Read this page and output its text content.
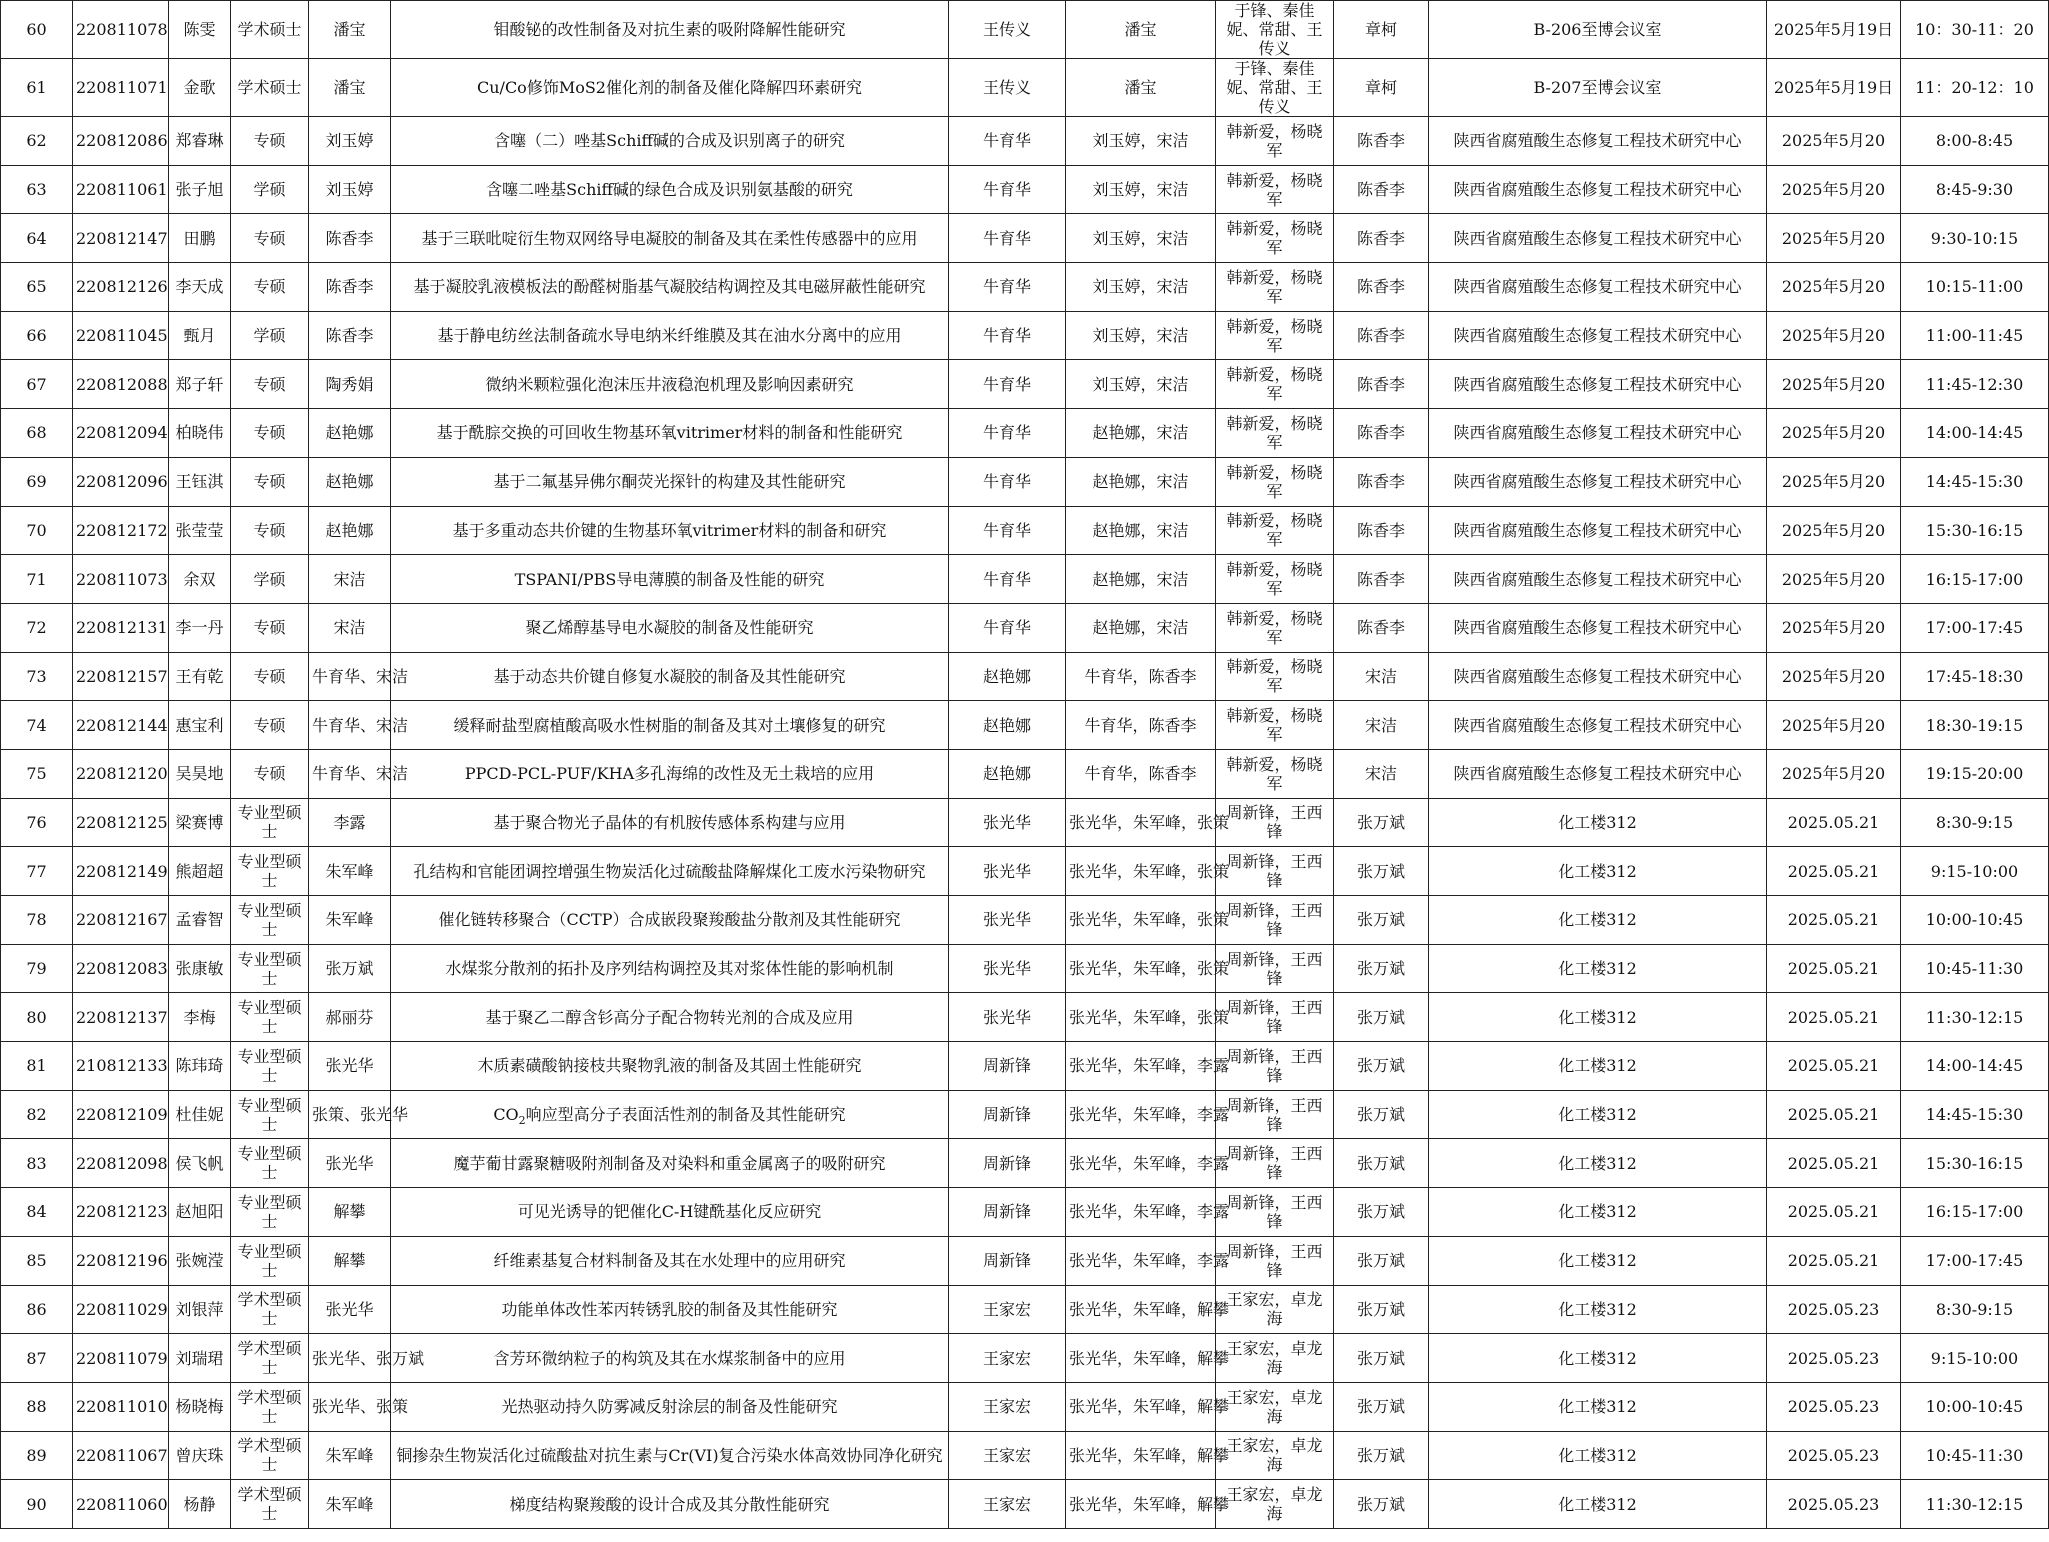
60	220811078	陈雯	学术硕士	潘宝	钼酸铋的改性制备及对抗生素的吸附降解性能研究	王传义	潘宝	于锋、秦佳妮、常甜、王传义	章柯	B-206至博会议室	2025年5月19日	10：30-11：20
61	220811071	金歌	学术硕士	潘宝	Cu/Co修饰MoS2催化剂的制备及催化降解四环素研究	王传义	潘宝	于锋、秦佳妮、常甜、王传义	章柯	B-207至博会议室	2025年5月19日	11：20-12：10
62	220812086	郑睿琳	专硕	刘玉婷	含噻（二）唑基Schiff碱的合成及识别离子的研究	牛育华	刘玉婷，宋洁	韩新爱，杨晓军	陈香李	陕西省腐殖酸生态修复工程技术研究中心	2025年5月20	8:00-8:45
63	220811061	张子旭	学硕	刘玉婷	含噻二唑基Schiff碱的绿色合成及识别氨基酸的研究	牛育华	刘玉婷，宋洁	韩新爱，杨晓军	陈香李	陕西省腐殖酸生态修复工程技术研究中心	2025年5月20	8:45-9:30
64	220812147	田鹏	专硕	陈香李	基于三联吡啶衍生物双网络导电凝胶的制备及其在柔性传感器中的应用	牛育华	刘玉婷，宋洁	韩新爱，杨晓军	陈香李	陕西省腐殖酸生态修复工程技术研究中心	2025年5月20	9:30-10:15
65	220812126	李天成	专硕	陈香李	基于凝胶乳液模板法的酚醛树脂基气凝胶结构调控及其电磁屏蔽性能研究	牛育华	刘玉婷，宋洁	韩新爱，杨晓军	陈香李	陕西省腐殖酸生态修复工程技术研究中心	2025年5月20	10:15-11:00
66	220811045	甄月	学硕	陈香李	基于静电纺丝法制备疏水导电纳米纤维膜及其在油水分离中的应用	牛育华	刘玉婷，宋洁	韩新爱，杨晓军	陈香李	陕西省腐殖酸生态修复工程技术研究中心	2025年5月20	11:00-11:45
67	220812088	郑子轩	专硕	陶秀娟	微纳米颗粒强化泡沫压井液稳泡机理及影响因素研究	牛育华	刘玉婷，宋洁	韩新爱，杨晓军	陈香李	陕西省腐殖酸生态修复工程技术研究中心	2025年5月20	11:45-12:30
68	220812094	柏晓伟	专硕	赵艳娜	基于酰腙交换的可回收生物基环氧vitrimer材料的制备和性能研究	牛育华	赵艳娜，宋洁	韩新爱，杨晓军	陈香李	陕西省腐殖酸生态修复工程技术研究中心	2025年5月20	14:00-14:45
69	220812096	王钰淇	专硕	赵艳娜	基于二氟基异佛尔酮荧光探针的构建及其性能研究	牛育华	赵艳娜，宋洁	韩新爱，杨晓军	陈香李	陕西省腐殖酸生态修复工程技术研究中心	2025年5月20	14:45-15:30
70	220812172	张莹莹	专硕	赵艳娜	基于多重动态共价键的生物基环氧vitrimer材料的制备和研究	牛育华	赵艳娜，宋洁	韩新爱，杨晓军	陈香李	陕西省腐殖酸生态修复工程技术研究中心	2025年5月20	15:30-16:15
71	220811073	余双	学硕	宋洁	TSPANI/PBS导电薄膜的制备及性能的研究	牛育华	赵艳娜，宋洁	韩新爱，杨晓军	陈香李	陕西省腐殖酸生态修复工程技术研究中心	2025年5月20	16:15-17:00
72	220812131	李一丹	专硕	宋洁	聚乙烯醇基导电水凝胶的制备及性能研究	牛育华	赵艳娜，宋洁	韩新爱，杨晓军	陈香李	陕西省腐殖酸生态修复工程技术研究中心	2025年5月20	17:00-17:45
73	220812157	王有乾	专硕	牛育华、宋洁	基于动态共价键自修复水凝胶的制备及其性能研究	赵艳娜	牛育华，陈香李	韩新爱，杨晓军	宋洁	陕西省腐殖酸生态修复工程技术研究中心	2025年5月20	17:45-18:30
74	220812144	惠宝利	专硕	牛育华、宋洁	缓释耐盐型腐植酸高吸水性树脂的制备及其对土壤修复的研究	赵艳娜	牛育华，陈香李	韩新爱，杨晓军	宋洁	陕西省腐殖酸生态修复工程技术研究中心	2025年5月20	18:30-19:15
75	220812120	吴昊地	专硕	牛育华、宋洁	PPCD-PCL-PUF/KHA多孔海绵的改性及无土栽培的应用	赵艳娜	牛育华，陈香李	韩新爱，杨晓军	宋洁	陕西省腐殖酸生态修复工程技术研究中心	2025年5月20	19:15-20:00
76	220812125	梁赛博	专业型硕士	李露	基于聚合物光子晶体的有机胺传感体系构建与应用	张光华	张光华，朱军峰，张策	周新锋，王西锋	张万斌	化工楼312	2025.05.21	8:30-9:15
77	220812149	熊超超	专业型硕士	朱军峰	孔结构和官能团调控增强生物炭活化过硫酸盐降解煤化工废水污染物研究	张光华	张光华，朱军峰，张策	周新锋，王西锋	张万斌	化工楼312	2025.05.21	9:15-10:00
78	220812167	孟睿智	专业型硕士	朱军峰	催化链转移聚合（CCTP）合成嵌段聚羧酸盐分散剂及其性能研究	张光华	张光华，朱军峰，张策	周新锋，王西锋	张万斌	化工楼312	2025.05.21	10:00-10:45
79	220812083	张康敏	专业型硕士	张万斌	水煤浆分散剂的拓扑及序列结构调控及其对浆体性能的影响机制	张光华	张光华，朱军峰，张策	周新锋，王西锋	张万斌	化工楼312	2025.05.21	10:45-11:30
80	220812137	李梅	专业型硕士	郝丽芬	基于聚乙二醇含钐高分子配合物转光剂的合成及应用	张光华	张光华，朱军峰，张策	周新锋，王西锋	张万斌	化工楼312	2025.05.21	11:30-12:15
81	210812133	陈玮琦	专业型硕士	张光华	木质素磺酸钠接枝共聚物乳液的制备及其固土性能研究	周新锋	张光华，朱军峰，李露	周新锋，王西锋	张万斌	化工楼312	2025.05.21	14:00-14:45
82	220812109	杜佳妮	专业型硕士	张策、张光华	$CO_2$响应型高分子表面活性剂的制备及其性能研究	周新锋	张光华，朱军峰，李露	周新锋，王西锋	张万斌	化工楼312	2025.05.21	14:45-15:30
83	220812098	侯飞帆	专业型硕士	张光华	魔芋葡甘露聚糖吸附剂制备及对染料和重金属离子的吸附研究	周新锋	张光华，朱军峰，李露	周新锋，王西锋	张万斌	化工楼312	2025.05.21	15:30-16:15
84	220812123	赵旭阳	专业型硕士	解攀	可见光诱导的钯催化C-H键酰基化反应研究	周新锋	张光华，朱军峰，李露	周新锋，王西锋	张万斌	化工楼312	2025.05.21	16:15-17:00
85	220812196	张婉滢	专业型硕士	解攀	纤维素基复合材料制备及其在水处理中的应用研究	周新锋	张光华，朱军峰，李露	周新锋，王西锋	张万斌	化工楼312	2025.05.21	17:00-17:45
86	220811029	刘银萍	学术型硕士	张光华	功能单体改性苯丙转锈乳胶的制备及其性能研究	王家宏	张光华，朱军峰，解攀	王家宏，卓龙海	张万斌	化工楼312	2025.05.23	8:30-9:15
87	220811079	刘瑞珺	学术型硕士	张光华、张万斌	含芳环微纳粒子的构筑及其在水煤浆制备中的应用	王家宏	张光华，朱军峰，解攀	王家宏，卓龙海	张万斌	化工楼312	2025.05.23	9:15-10:00
88	220811010	杨晓梅	学术型硕士	张光华、张策	光热驱动持久防雾减反射涂层的制备及性能研究	王家宏	张光华，朱军峰，解攀	王家宏，卓龙海	张万斌	化工楼312	2025.05.23	10:00-10:45
89	220811067	曾庆珠	学术型硕士	朱军峰	铜掺杂生物炭活化过硫酸盐对抗生素与Cr(VI)复合污染水体高效协同净化研究	王家宏	张光华，朱军峰，解攀	王家宏，卓龙海	张万斌	化工楼312	2025.05.23	10:45-11:30
90	220811060	杨静	学术型硕士	朱军峰	梯度结构聚羧酸的设计合成及其分散性能研究	王家宏	张光华，朱军峰，解攀	王家宏，卓龙海	张万斌	化工楼312	2025.05.23	11:30-12:15
